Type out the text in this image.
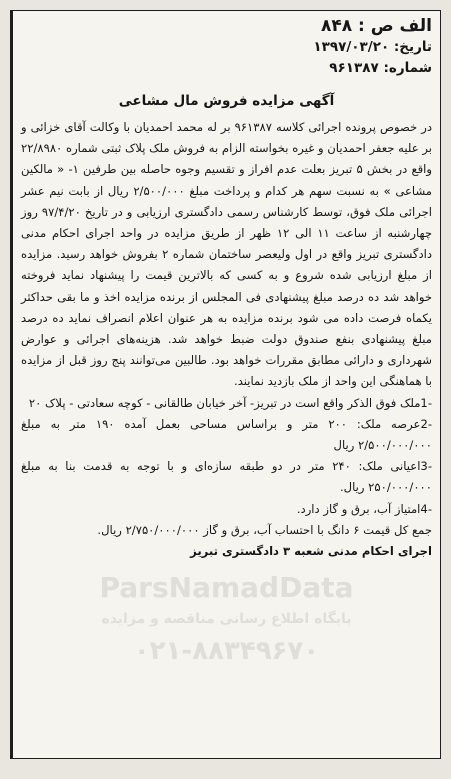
الف ص : ۸۴۸
تاریخ: ۱۳۹۷/۰۳/۲۰
شماره: ۹۶۱۳۸۷
آگهی مزایده فروش مال مشاعی

در خصوص پرونده اجرائی کلاسه ۹۶۱۳۸۷ بر له محمد احمدیان با وکالت آقای خزائی و بر علیه جعفر احمدیان و غیره بخواسته الزام به فروش ملک پلاک ثبتی شماره ۲۲/۸۹۸۰ واقع در بخش ۵ تبریز بعلت عدم افراز و تقسیم وجوه حاصله بین طرفین ۱- « مالکین مشاعی » به نسبت سهم هر کدام و پرداخت مبلغ ۲/۵۰۰/۰۰۰ ریال از بابت نیم عشر اجرائی ملک فوق، توسط کارشناس رسمی دادگستری ارزیابی و در تاریخ ۹۷/۴/۲۰ روز چهارشنبه از ساعت ۱۱ الی ۱۲ ظهر از طریق مزایده در واحد اجرای احکام مدنی دادگستری تبریز واقع در اول ولیعصر ساختمان شماره ۲ بفروش خواهد رسید. مزایده از مبلغ ارزیابی شده شروع و به کسی که بالاترین قیمت را پیشنهاد نماید فروخته خواهد شد ده درصد مبلغ پیشنهادی فی المجلس از برنده مزایده اخذ و ما بقی حداکثر یکماه فرصت داده می شود برنده مزایده به هر عنوان اعلام انصراف نماید ده درصد مبلغ پیشنهادی بنفع صندوق دولت ضبط خواهد شد. هزینه‌های اجرائی و عوارض شهرداری و دارائی مطابق مقررات خواهد بود. طالبین می‌توانند پنج روز قبل از مزایده با هماهنگی این واحد از ملک بازدید نمایند.

-1ملک فوق الذکر واقع است در تبریز- آخر خیابان طالقانی - کوچه سعادتی - پلاک ۲۰

-2عرصه ملک: ۲۰۰ متر و براساس مساحی بعمل آمده ۱۹۰ متر به مبلغ ۲/۵۰۰/۰۰۰/۰۰۰ ریال

-3اعیانی ملک: ۲۴۰ متر در دو طبقه سازه‌ای و با توجه به قدمت بنا به مبلغ ۲۵۰/۰۰۰/۰۰۰ ریال.

-4امتیاز آب، برق و گاز دارد.

جمع کل قیمت ۶ دانگ با احتساب آب، برق و گاز ۲/۷۵۰/۰۰۰/۰۰۰ ریال.

اجرای احکام مدنی شعبه ۳ دادگستری تبریز

ParsNamadData
پایگاه اطلاع رسانی مناقصه و مزایده
۰۲۱-۸۸۳۴۹۶۷۰
